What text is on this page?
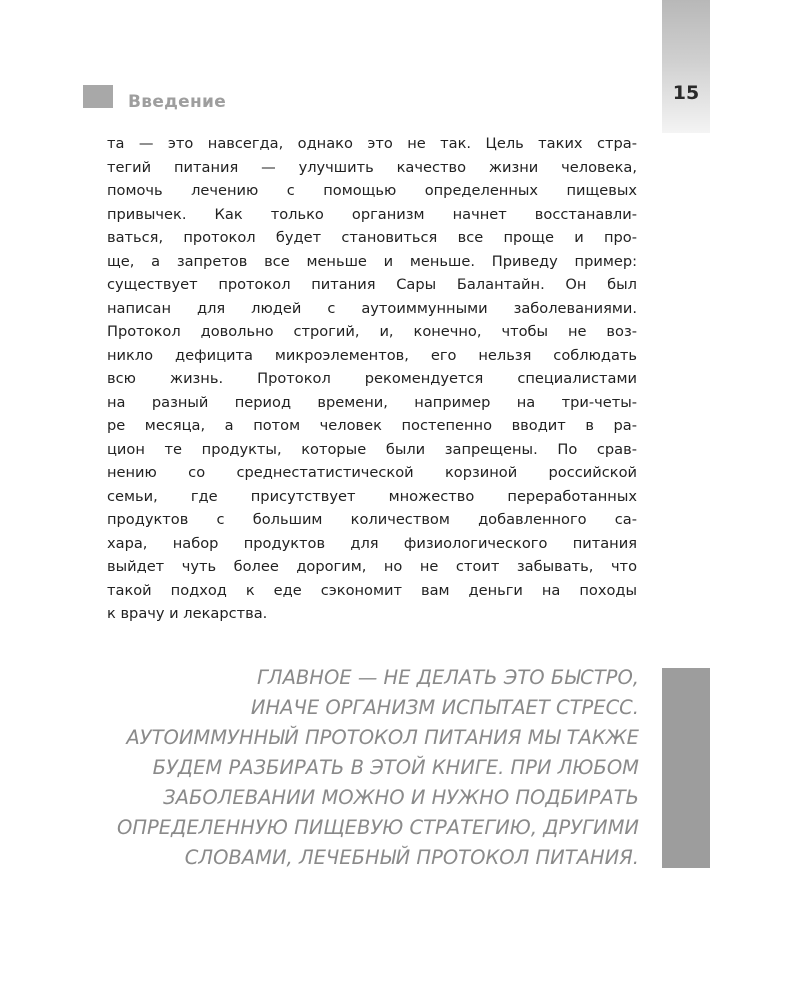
15
Введение
та — это навсегда, однако это не так. Цель таких стра-
тегий питания — улучшить качество жизни человека,
помочь лечению с помощью определенных пищевых
привычек. Как только организм начнет восстанавли-
ваться, протокол будет становиться все проще и про-
ще, а запретов все меньше и меньше. Приведу пример:
существует протокол питания Сары Балантайн. Он был
написан для людей с аутоиммунными заболеваниями.
Протокол довольно строгий, и, конечно, чтобы не воз-
никло дефицита микроэлементов, его нельзя соблюдать
всю жизнь. Протокол рекомендуется специалистами
на разный период времени, например на три-четы-
ре месяца, а потом человек постепенно вводит в ра-
цион те продукты, которые были запрещены. По срав-
нению со среднестатистической корзиной российской
семьи, где присутствует множество переработанных
продуктов с большим количеством добавленного са-
хара, набор продуктов для физиологического питания
выйдет чуть более дорогим, но не стоит забывать, что
такой подход к еде сэкономит вам деньги на походы
к врачу и лекарства.
ГЛАВНОЕ — НЕ ДЕЛАТЬ ЭТО БЫСТРО,
ИНАЧЕ ОРГАНИЗМ ИСПЫТАЕТ СТРЕСС.
АУТОИММУННЫЙ ПРОТОКОЛ ПИТАНИЯ МЫ ТАКЖЕ
БУДЕМ РАЗБИРАТЬ В ЭТОЙ КНИГЕ. ПРИ ЛЮБОМ
ЗАБОЛЕВАНИИ МОЖНО И НУЖНО ПОДБИРАТЬ
ОПРЕДЕЛЕННУЮ ПИЩЕВУЮ СТРАТЕГИЮ, ДРУГИМИ
СЛОВАМИ, ЛЕЧЕБНЫЙ ПРОТОКОЛ ПИТАНИЯ.
